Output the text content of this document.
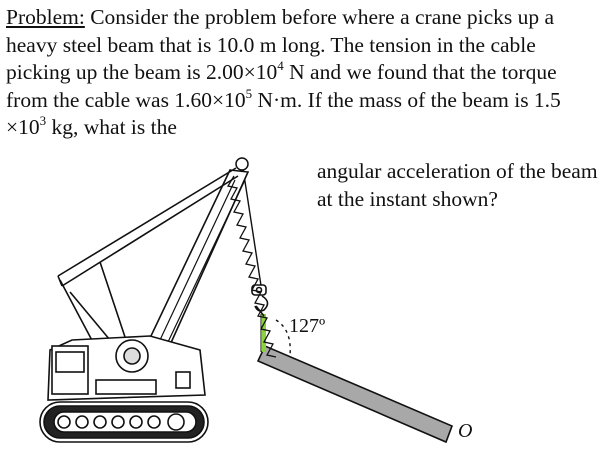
Problem: Consider the problem before where a crane picks up a heavy steel beam that is 10.0 m long. The tension in the cable picking up the beam is $2.00\times 10^4$ N and we found that the torque from the cable was $1.60\times 10^5$ N·m. If the mass of the beam is $1.5 \times 10^3$ kg, what is the

angular acceleration of the beam at the instant shown?

127º
O
